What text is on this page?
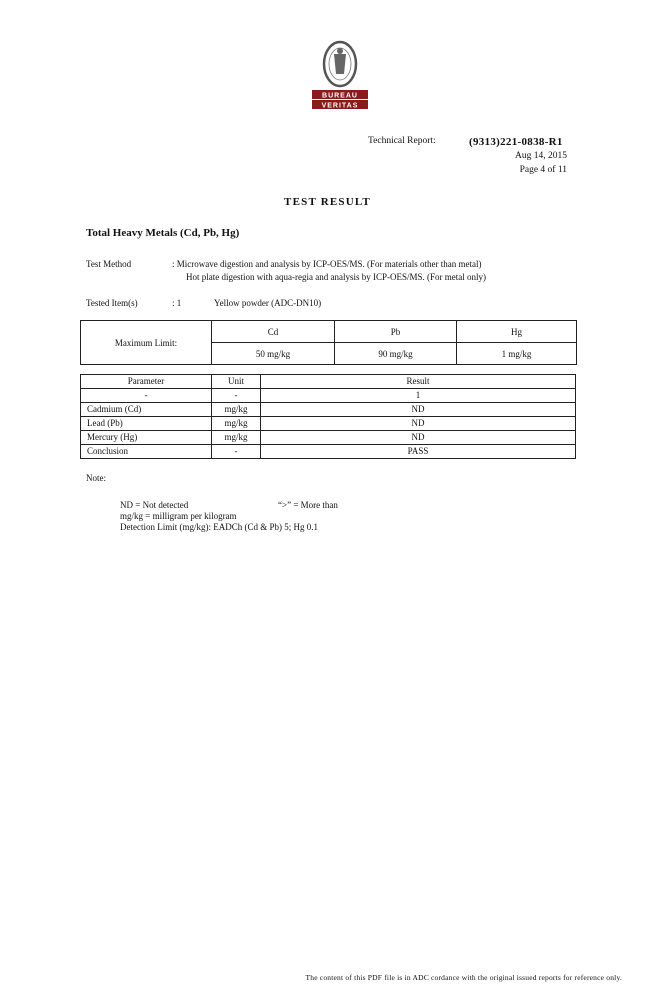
BUREAU
VERITAS
Technical Report:	(9313)221-0838-R1
Aug 14, 2015
Page 4 of 11
TEST RESULT
Total Heavy Metals (Cd, Pb, Hg)
Test Method	: Microwave digestion and analysis by ICP-OES/MS. (For materials other than metal)
Hot plate digestion with aqua-regia and analysis by ICP-OES/MS. (For metal only)
Tested Item(s)	: 1	Yellow powder (ADC-DN10)
Maximum Limit:	Cd	Pb	Hg
	50 mg/kg	90 mg/kg	1 mg/kg
Parameter	Unit	Result
-	-	1
Cadmium (Cd)	mg/kg	ND
Lead (Pb)	mg/kg	ND
Mercury (Hg)	mg/kg	ND
Conclusion	-	PASS
Note:
ND = Not detected	“>” = More than
mg/kg = milligram per kilogram
Detection Limit (mg/kg): EADCh (Cd & Pb) 5; Hg 0.1
The content of this PDF file is in ADC cordance with the original issued reports for reference only.
